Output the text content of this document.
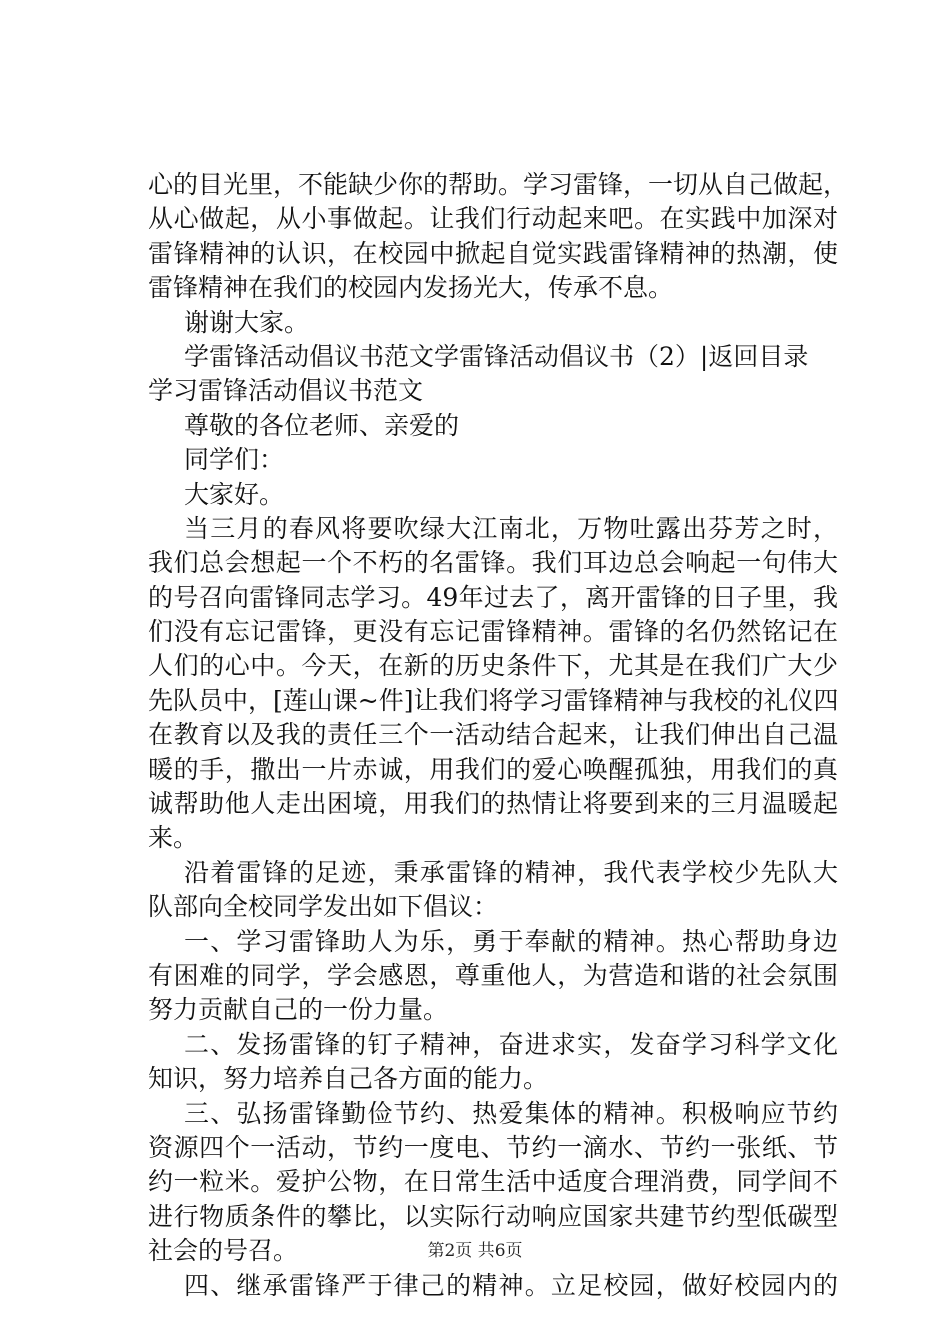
心的目光里，不能缺少你的帮助。学习雷锋，一切从自己做起，
从心做起，从小事做起。让我们行动起来吧。在实践中加深对
雷锋精神的认识，在校园中掀起自觉实践雷锋精神的热潮，使
雷锋精神在我们的校园内发扬光大，传承不息。
谢谢大家。
学雷锋活动倡议书范文学雷锋活动倡议书（2）|返回目录
学习雷锋活动倡议书范文
尊敬的各位老师、亲爱的
同学们：
大家好。
当三月的春风将要吹绿大江南北，万物吐露出芬芳之时，
我们总会想起一个不朽的名雷锋。我们耳边总会响起一句伟大
的号召向雷锋同志学习。49年过去了，离开雷锋的日子里，我
们没有忘记雷锋，更没有忘记雷锋精神。雷锋的名仍然铭记在
人们的心中。今天，在新的历史条件下，尤其是在我们广大少
先队员中，[莲山课~件]让我们将学习雷锋精神与我校的礼仪四
在教育以及我的责任三个一活动结合起来，让我们伸出自己温
暖的手，撒出一片赤诚，用我们的爱心唤醒孤独，用我们的真
诚帮助他人走出困境，用我们的热情让将要到来的三月温暖起
来。
沿着雷锋的足迹，秉承雷锋的精神，我代表学校少先队大
队部向全校同学发出如下倡议：
一、学习雷锋助人为乐，勇于奉献的精神。热心帮助身边
有困难的同学，学会感恩，尊重他人，为营造和谐的社会氛围
努力贡献自己的一份力量。
二、发扬雷锋的钉子精神，奋进求实，发奋学习科学文化
知识，努力培养自己各方面的能力。
三、弘扬雷锋勤俭节约、热爱集体的精神。积极响应节约
资源四个一活动，节约一度电、节约一滴水、节约一张纸、节
约一粒米。爱护公物，在日常生活中适度合理消费，同学间不
进行物质条件的攀比，以实际行动响应国家共建节约型低碳型
社会的号召。
四、继承雷锋严于律己的精神。立足校园，做好校园内的
第2页 共6页
